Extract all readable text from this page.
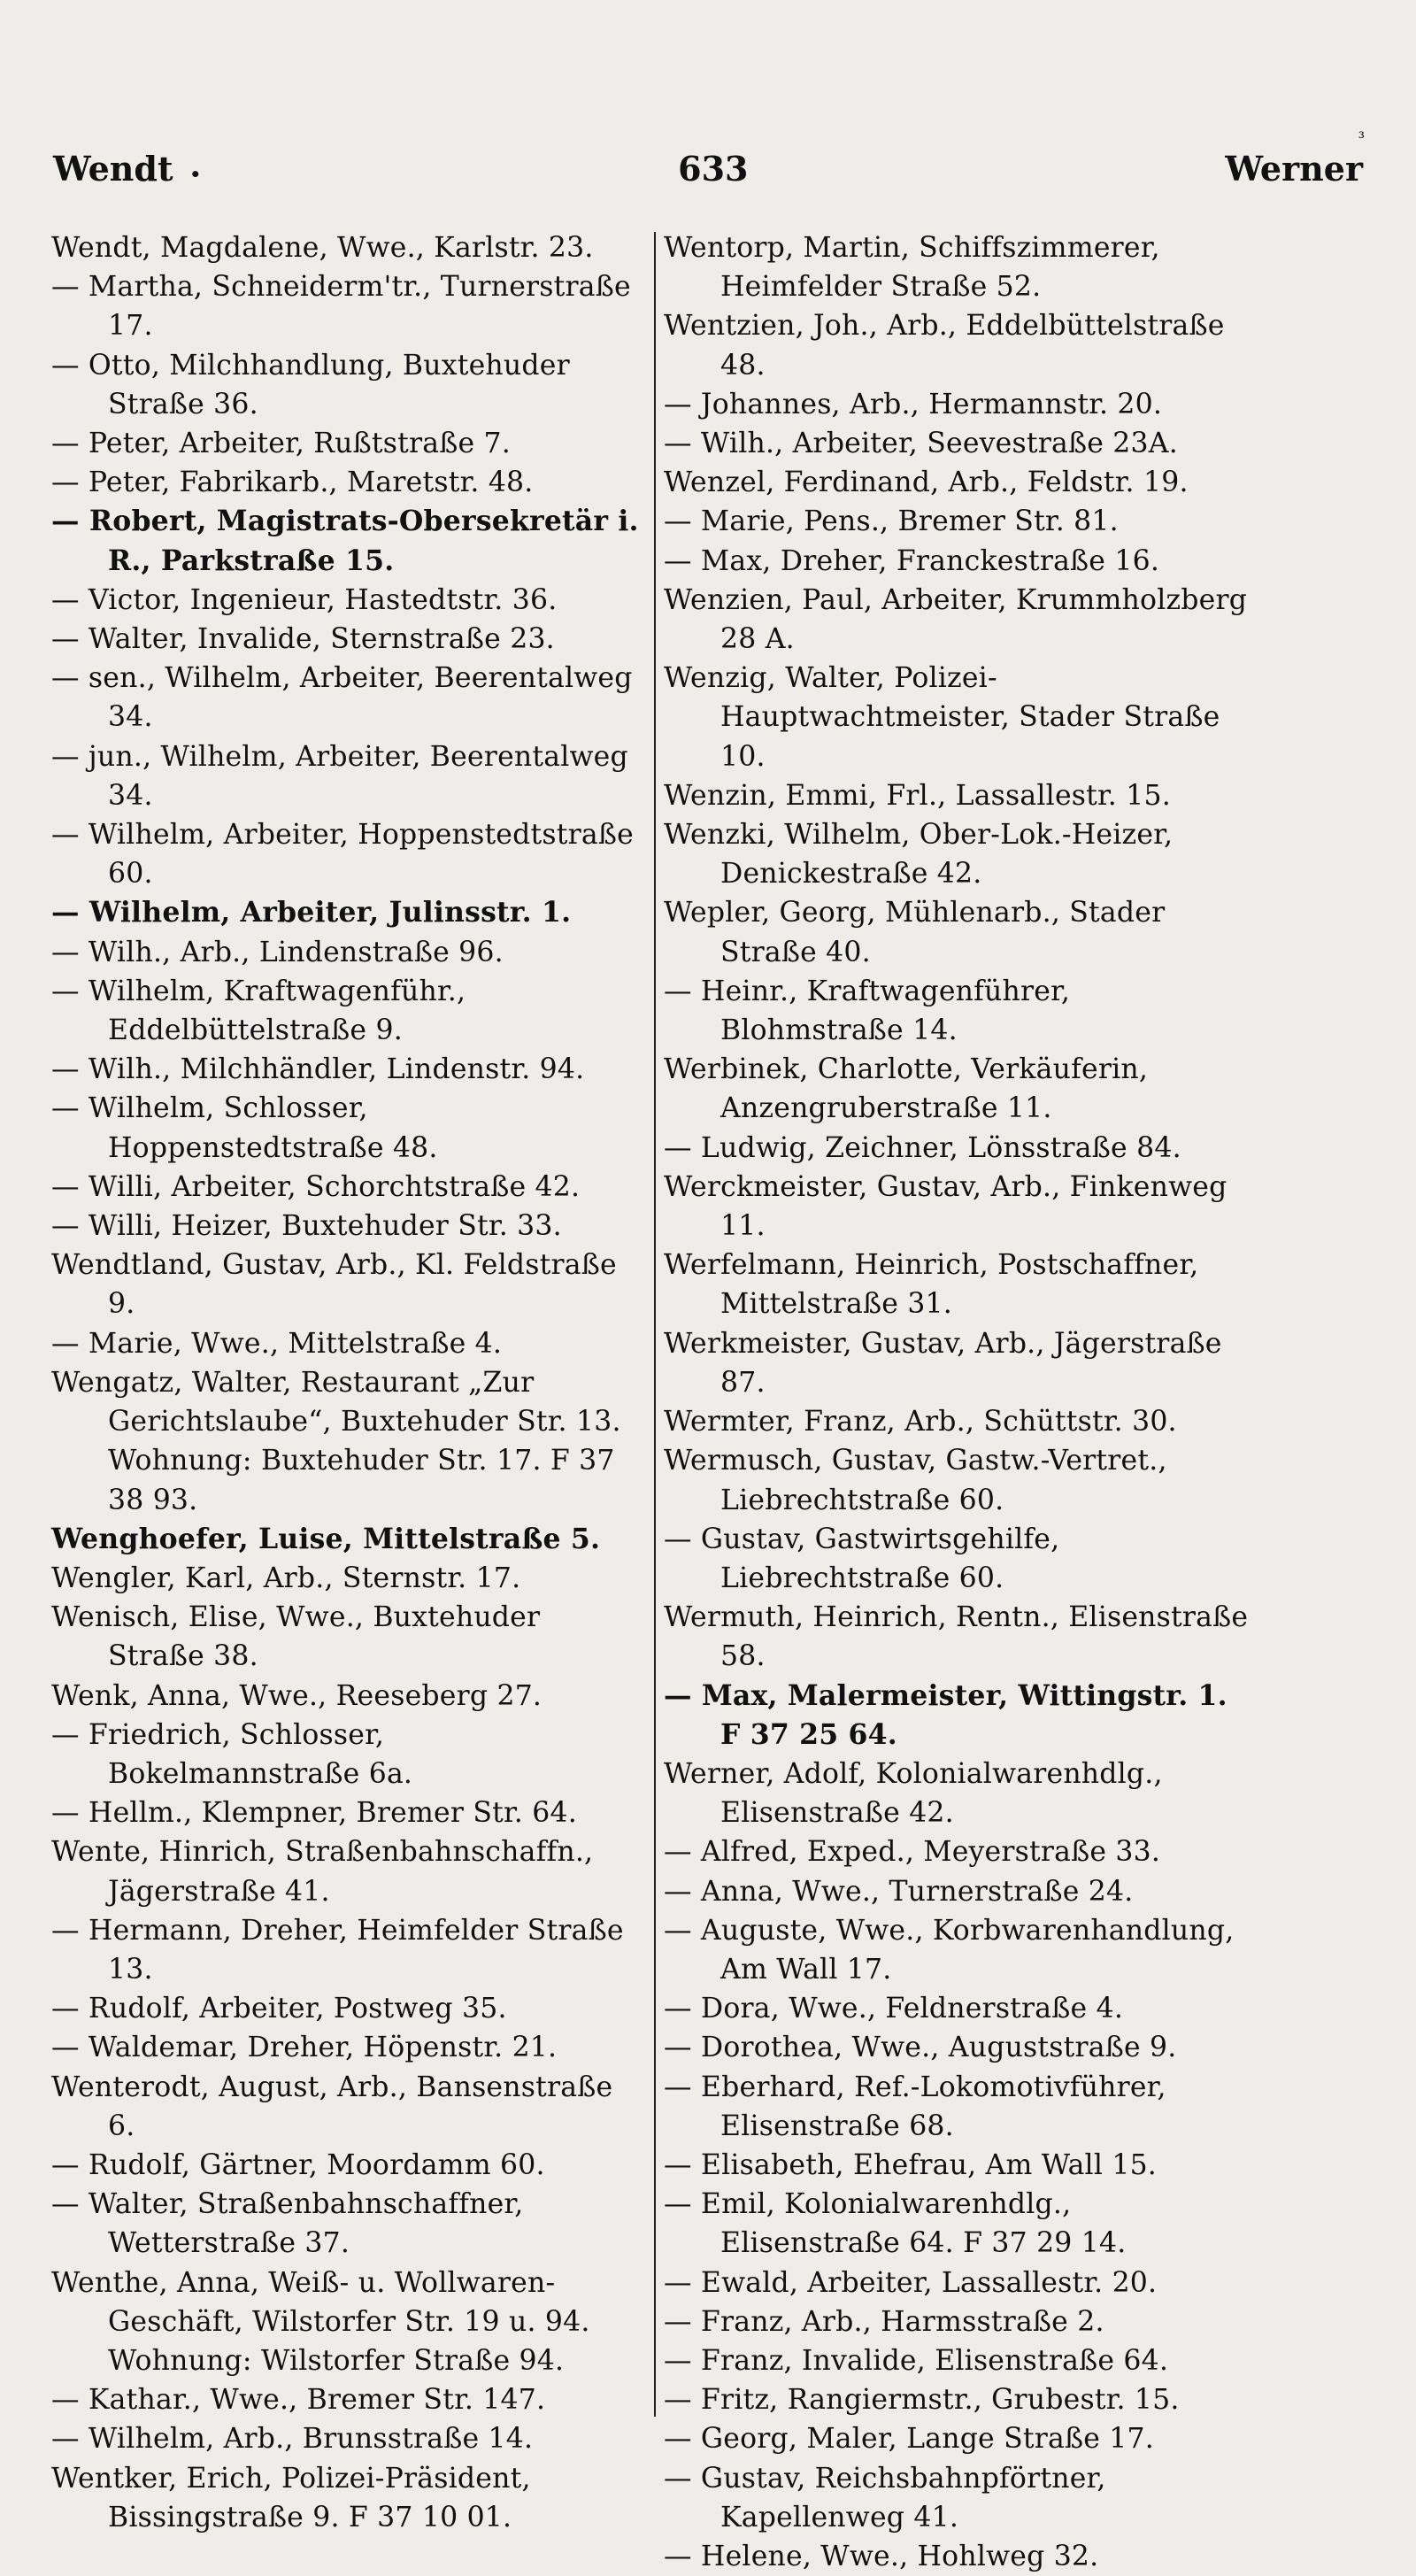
₃
Wendt •	633	Werner

Wendt, Magdalene, Wwe., Karlstr. 23.

— Martha, Schneiderm'tr., Turnerstraße 17.

— Otto, Milchhandlung, Buxtehuder Straße 36.

— Peter, Arbeiter, Rußtstraße 7.

— Peter, Fabrikarb., Maretstr. 48.

— Robert, Magistrats-Obersekretär i. R., Parkstraße 15.

— Victor, Ingenieur, Hastedtstr. 36.

— Walter, Invalide, Sternstraße 23.

— sen., Wilhelm, Arbeiter, Beerentalweg 34.

— jun., Wilhelm, Arbeiter, Beerentalweg 34.

— Wilhelm, Arbeiter, Hoppenstedtstraße 60.

— Wilhelm, Arbeiter, Julinsstr. 1.

— Wilh., Arb., Lindenstraße 96.

— Wilhelm, Kraftwagenführ., Eddelbüttelstraße 9.

— Wilh., Milchhändler, Lindenstr. 94.

— Wilhelm, Schlosser, Hoppenstedtstraße 48.

— Willi, Arbeiter, Schorchtstraße 42.

— Willi, Heizer, Buxtehuder Str. 33.

Wendtland, Gustav, Arb., Kl. Feldstraße 9.

— Marie, Wwe., Mittelstraße 4.

Wengatz, Walter, Restaurant „Zur Gerichtslaube“, Buxtehuder Str. 13. Wohnung: Buxtehuder Str. 17. F 37 38 93.

Wenghoefer, Luise, Mittelstraße 5.

Wengler, Karl, Arb., Sternstr. 17.

Wenisch, Elise, Wwe., Buxtehuder Straße 38.

Wenk, Anna, Wwe., Reeseberg 27.

— Friedrich, Schlosser, Bokelmannstraße 6a.

— Hellm., Klempner, Bremer Str. 64.

Wente, Hinrich, Straßenbahnschaffn., Jägerstraße 41.

— Hermann, Dreher, Heimfelder Straße 13.

— Rudolf, Arbeiter, Postweg 35.

— Waldemar, Dreher, Höpenstr. 21.

Wenterodt, August, Arb., Bansenstraße 6.

— Rudolf, Gärtner, Moordamm 60.

— Walter, Straßenbahnschaffner, Wetterstraße 37.

Wenthe, Anna, Weiß- u. Wollwaren-Geschäft, Wilstorfer Str. 19 u. 94. Wohnung: Wilstorfer Straße 94.

— Kathar., Wwe., Bremer Str. 147.

— Wilhelm, Arb., Brunsstraße 14.

Wentker, Erich, Polizei-Präsident, Bissingstraße 9. F 37 10 01.

Wentorp, Martin, Schiffszimmerer, Heimfelder Straße 52.

Wentzien, Joh., Arb., Eddelbüttelstraße 48.

— Johannes, Arb., Hermannstr. 20.

— Wilh., Arbeiter, Seevestraße 23A.

Wenzel, Ferdinand, Arb., Feldstr. 19.

— Marie, Pens., Bremer Str. 81.

— Max, Dreher, Franckestraße 16.

Wenzien, Paul, Arbeiter, Krummholzberg 28 A.

Wenzig, Walter, Polizei-Hauptwachtmeister, Stader Straße 10.

Wenzin, Emmi, Frl., Lassallestr. 15.

Wenzki, Wilhelm, Ober-Lok.-Heizer, Denickestraße 42.

Wepler, Georg, Mühlenarb., Stader Straße 40.

— Heinr., Kraftwagenführer, Blohmstraße 14.

Werbinek, Charlotte, Verkäuferin, Anzengruberstraße 11.

— Ludwig, Zeichner, Lönsstraße 84.

Werckmeister, Gustav, Arb., Finkenweg 11.

Werfelmann, Heinrich, Postschaffner, Mittelstraße 31.

Werkmeister, Gustav, Arb., Jägerstraße 87.

Wermter, Franz, Arb., Schüttstr. 30.

Wermusch, Gustav, Gastw.-Vertret., Liebrechtstraße 60.

— Gustav, Gastwirtsgehilfe, Liebrechtstraße 60.

Wermuth, Heinrich, Rentn., Elisenstraße 58.

— Max, Malermeister, Wittingstr. 1. F 37 25 64.

Werner, Adolf, Kolonialwarenhdlg., Elisenstraße 42.

— Alfred, Exped., Meyerstraße 33.

— Anna, Wwe., Turnerstraße 24.

— Auguste, Wwe., Korbwarenhandlung, Am Wall 17.

— Dora, Wwe., Feldnerstraße 4.

— Dorothea, Wwe., Auguststraße 9.

— Eberhard, Ref.-Lokomotivführer, Elisenstraße 68.

— Elisabeth, Ehefrau, Am Wall 15.

— Emil, Kolonialwarenhdlg., Elisenstraße 64. F 37 29 14.

— Ewald, Arbeiter, Lassallestr. 20.

— Franz, Arb., Harmsstraße 2.

— Franz, Invalide, Elisenstraße 64.

— Fritz, Rangiermstr., Grubestr. 15.

— Georg, Maler, Lange Straße 17.

— Gustav, Reichsbahnpförtner, Kapellenweg 41.

— Helene, Wwe., Hohlweg 32.
